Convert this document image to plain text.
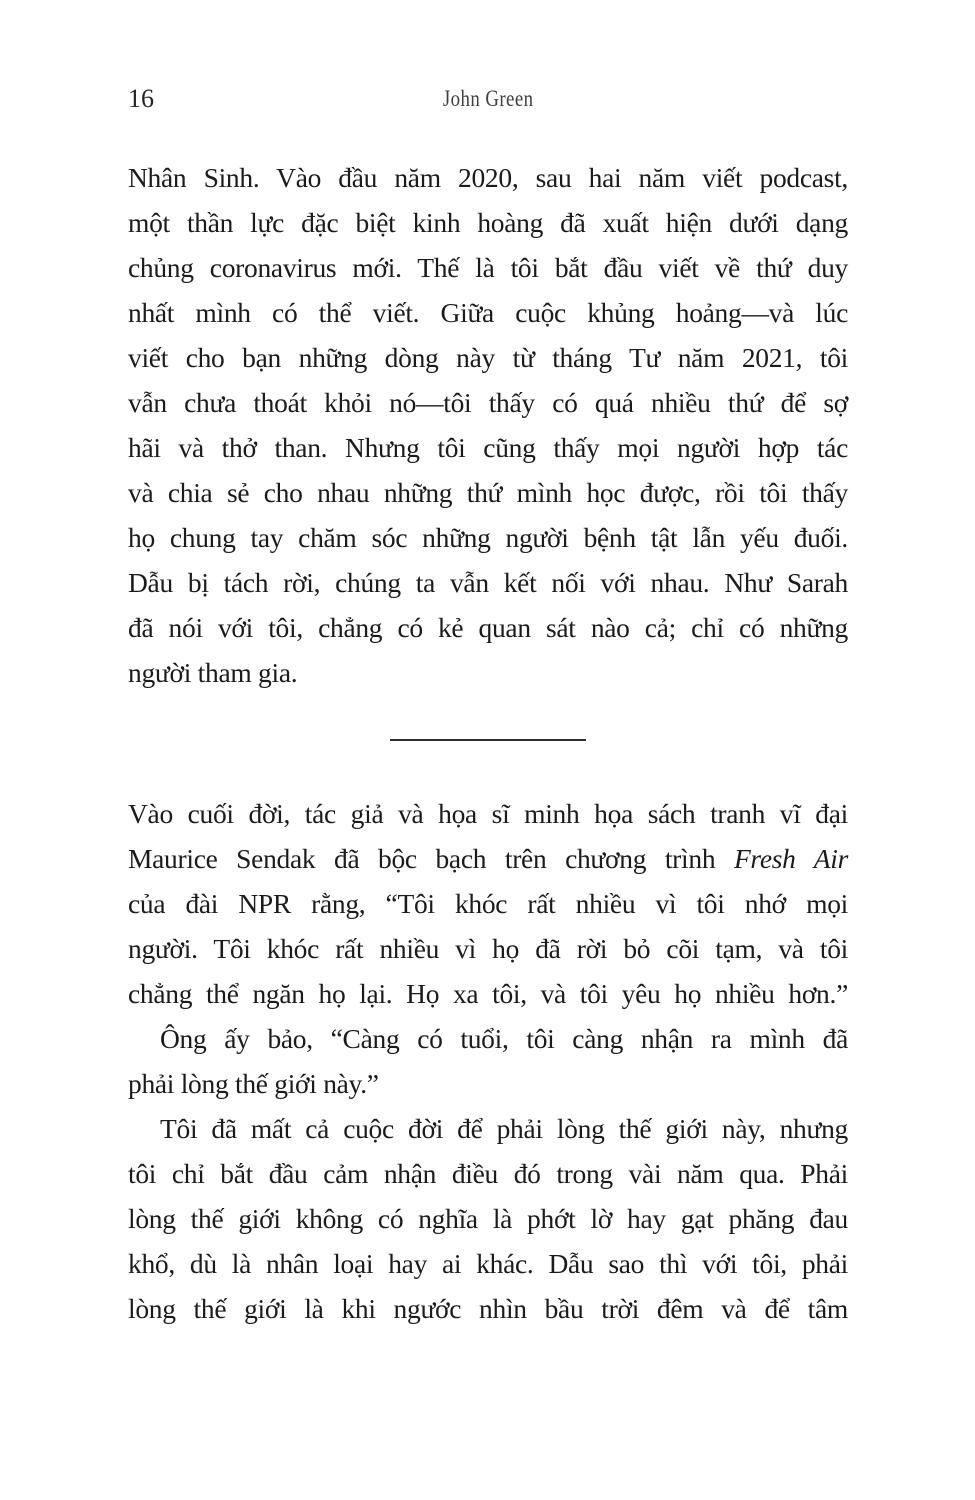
16	John Green
Nhân Sinh. Vào đầu năm 2020, sau hai năm viết podcast,
một thần lực đặc biệt kinh hoàng đã xuất hiện dưới dạng
chủng coronavirus mới. Thế là tôi bắt đầu viết về thứ duy
nhất mình có thể viết. Giữa cuộc khủng hoảng—và lúc
viết cho bạn những dòng này từ tháng Tư năm 2021, tôi
vẫn chưa thoát khỏi nó—tôi thấy có quá nhiều thứ để sợ
hãi và thở than. Nhưng tôi cũng thấy mọi người hợp tác
và chia sẻ cho nhau những thứ mình học được, rồi tôi thấy
họ chung tay chăm sóc những người bệnh tật lẫn yếu đuối.
Dẫu bị tách rời, chúng ta vẫn kết nối với nhau. Như Sarah
đã nói với tôi, chẳng có kẻ quan sát nào cả; chỉ có những
người tham gia.
Vào cuối đời, tác giả và họa sĩ minh họa sách tranh vĩ đại
Maurice Sendak đã bộc bạch trên chương trình Fresh Air
của đài NPR rằng, “Tôi khóc rất nhiều vì tôi nhớ mọi
người. Tôi khóc rất nhiều vì họ đã rời bỏ cõi tạm, và tôi
chẳng thể ngăn họ lại. Họ xa tôi, và tôi yêu họ nhiều hơn.”
Ông ấy bảo, “Càng có tuổi, tôi càng nhận ra mình đã
phải lòng thế giới này.”
Tôi đã mất cả cuộc đời để phải lòng thế giới này, nhưng
tôi chỉ bắt đầu cảm nhận điều đó trong vài năm qua. Phải
lòng thế giới không có nghĩa là phớt lờ hay gạt phăng đau
khổ, dù là nhân loại hay ai khác. Dẫu sao thì với tôi, phải
lòng thế giới là khi ngước nhìn bầu trời đêm và để tâm
